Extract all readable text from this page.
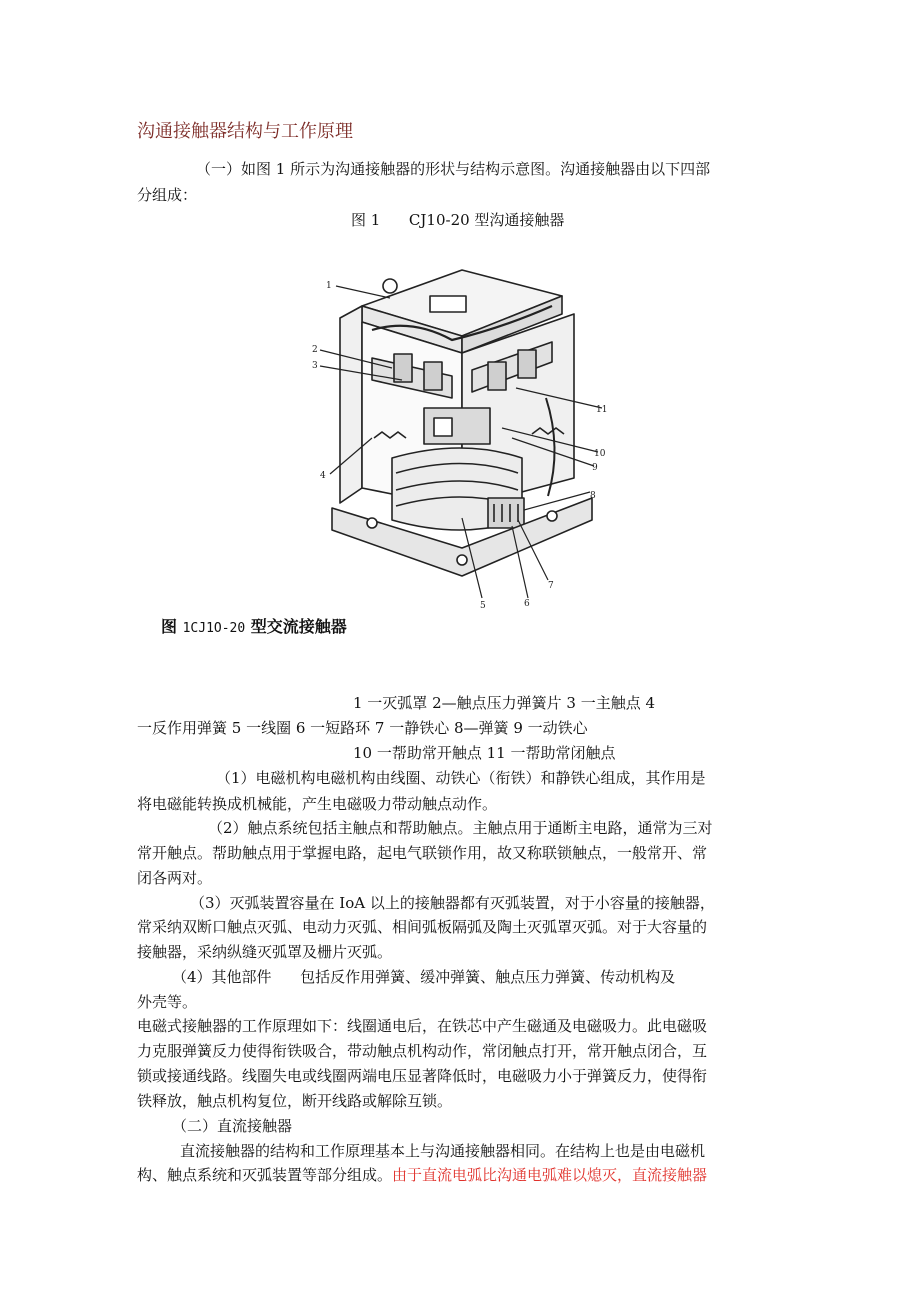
沟通接触器结构与工作原理
（一）如图 1 所示为沟通接触器的形状与结构示意图。沟通接触器由以下四部
分组成：
图 1      CJ10-20 型沟通接触器
1
2
3
4
5	6
7
8
9
10
11
图 1CJ1O-20 型交流接触器
1 一灭弧罩 2—触点压力弹簧片 3 一主触点 4
一反作用弹簧 5 一线圈 6 一短路环 7 一静铁心 8—弹簧 9 一动铁心
10 一帮助常开触点 11 一帮助常闭触点
（1）电磁机构电磁机构由线圈、动铁心（衔铁）和静铁心组成，其作用是
将电磁能转换成机械能，产生电磁吸力带动触点动作。
（2）触点系统包括主触点和帮助触点。主触点用于通断主电路，通常为三对
常开触点。帮助触点用于掌握电路，起电气联锁作用，故又称联锁触点，一般常开、常
闭各两对。
（3）灭弧装置容量在 IoA 以上的接触器都有灭弧装置，对于小容量的接触器，
常采纳双断口触点灭弧、电动力灭弧、相间弧板隔弧及陶土灭弧罩灭弧。对于大容量的
接触器，采纳纵缝灭弧罩及栅片灭弧。
（4）其他部件      包括反作用弹簧、缓冲弹簧、触点压力弹簧、传动机构及
外壳等。
电磁式接触器的工作原理如下：线圈通电后，在铁芯中产生磁通及电磁吸力。此电磁吸
力克服弹簧反力使得衔铁吸合，带动触点机构动作，常闭触点打开，常开触点闭合，互
锁或接通线路。线圈失电或线圈两端电压显著降低时，电磁吸力小于弹簧反力，使得衔
铁释放，触点机构复位，断开线路或解除互锁。
（二）直流接触器
直流接触器的结构和工作原理基本上与沟通接触器相同。在结构上也是由电磁机
构、触点系统和灭弧装置等部分组成。由于直流电弧比沟通电弧难以熄灭，直流接触器
